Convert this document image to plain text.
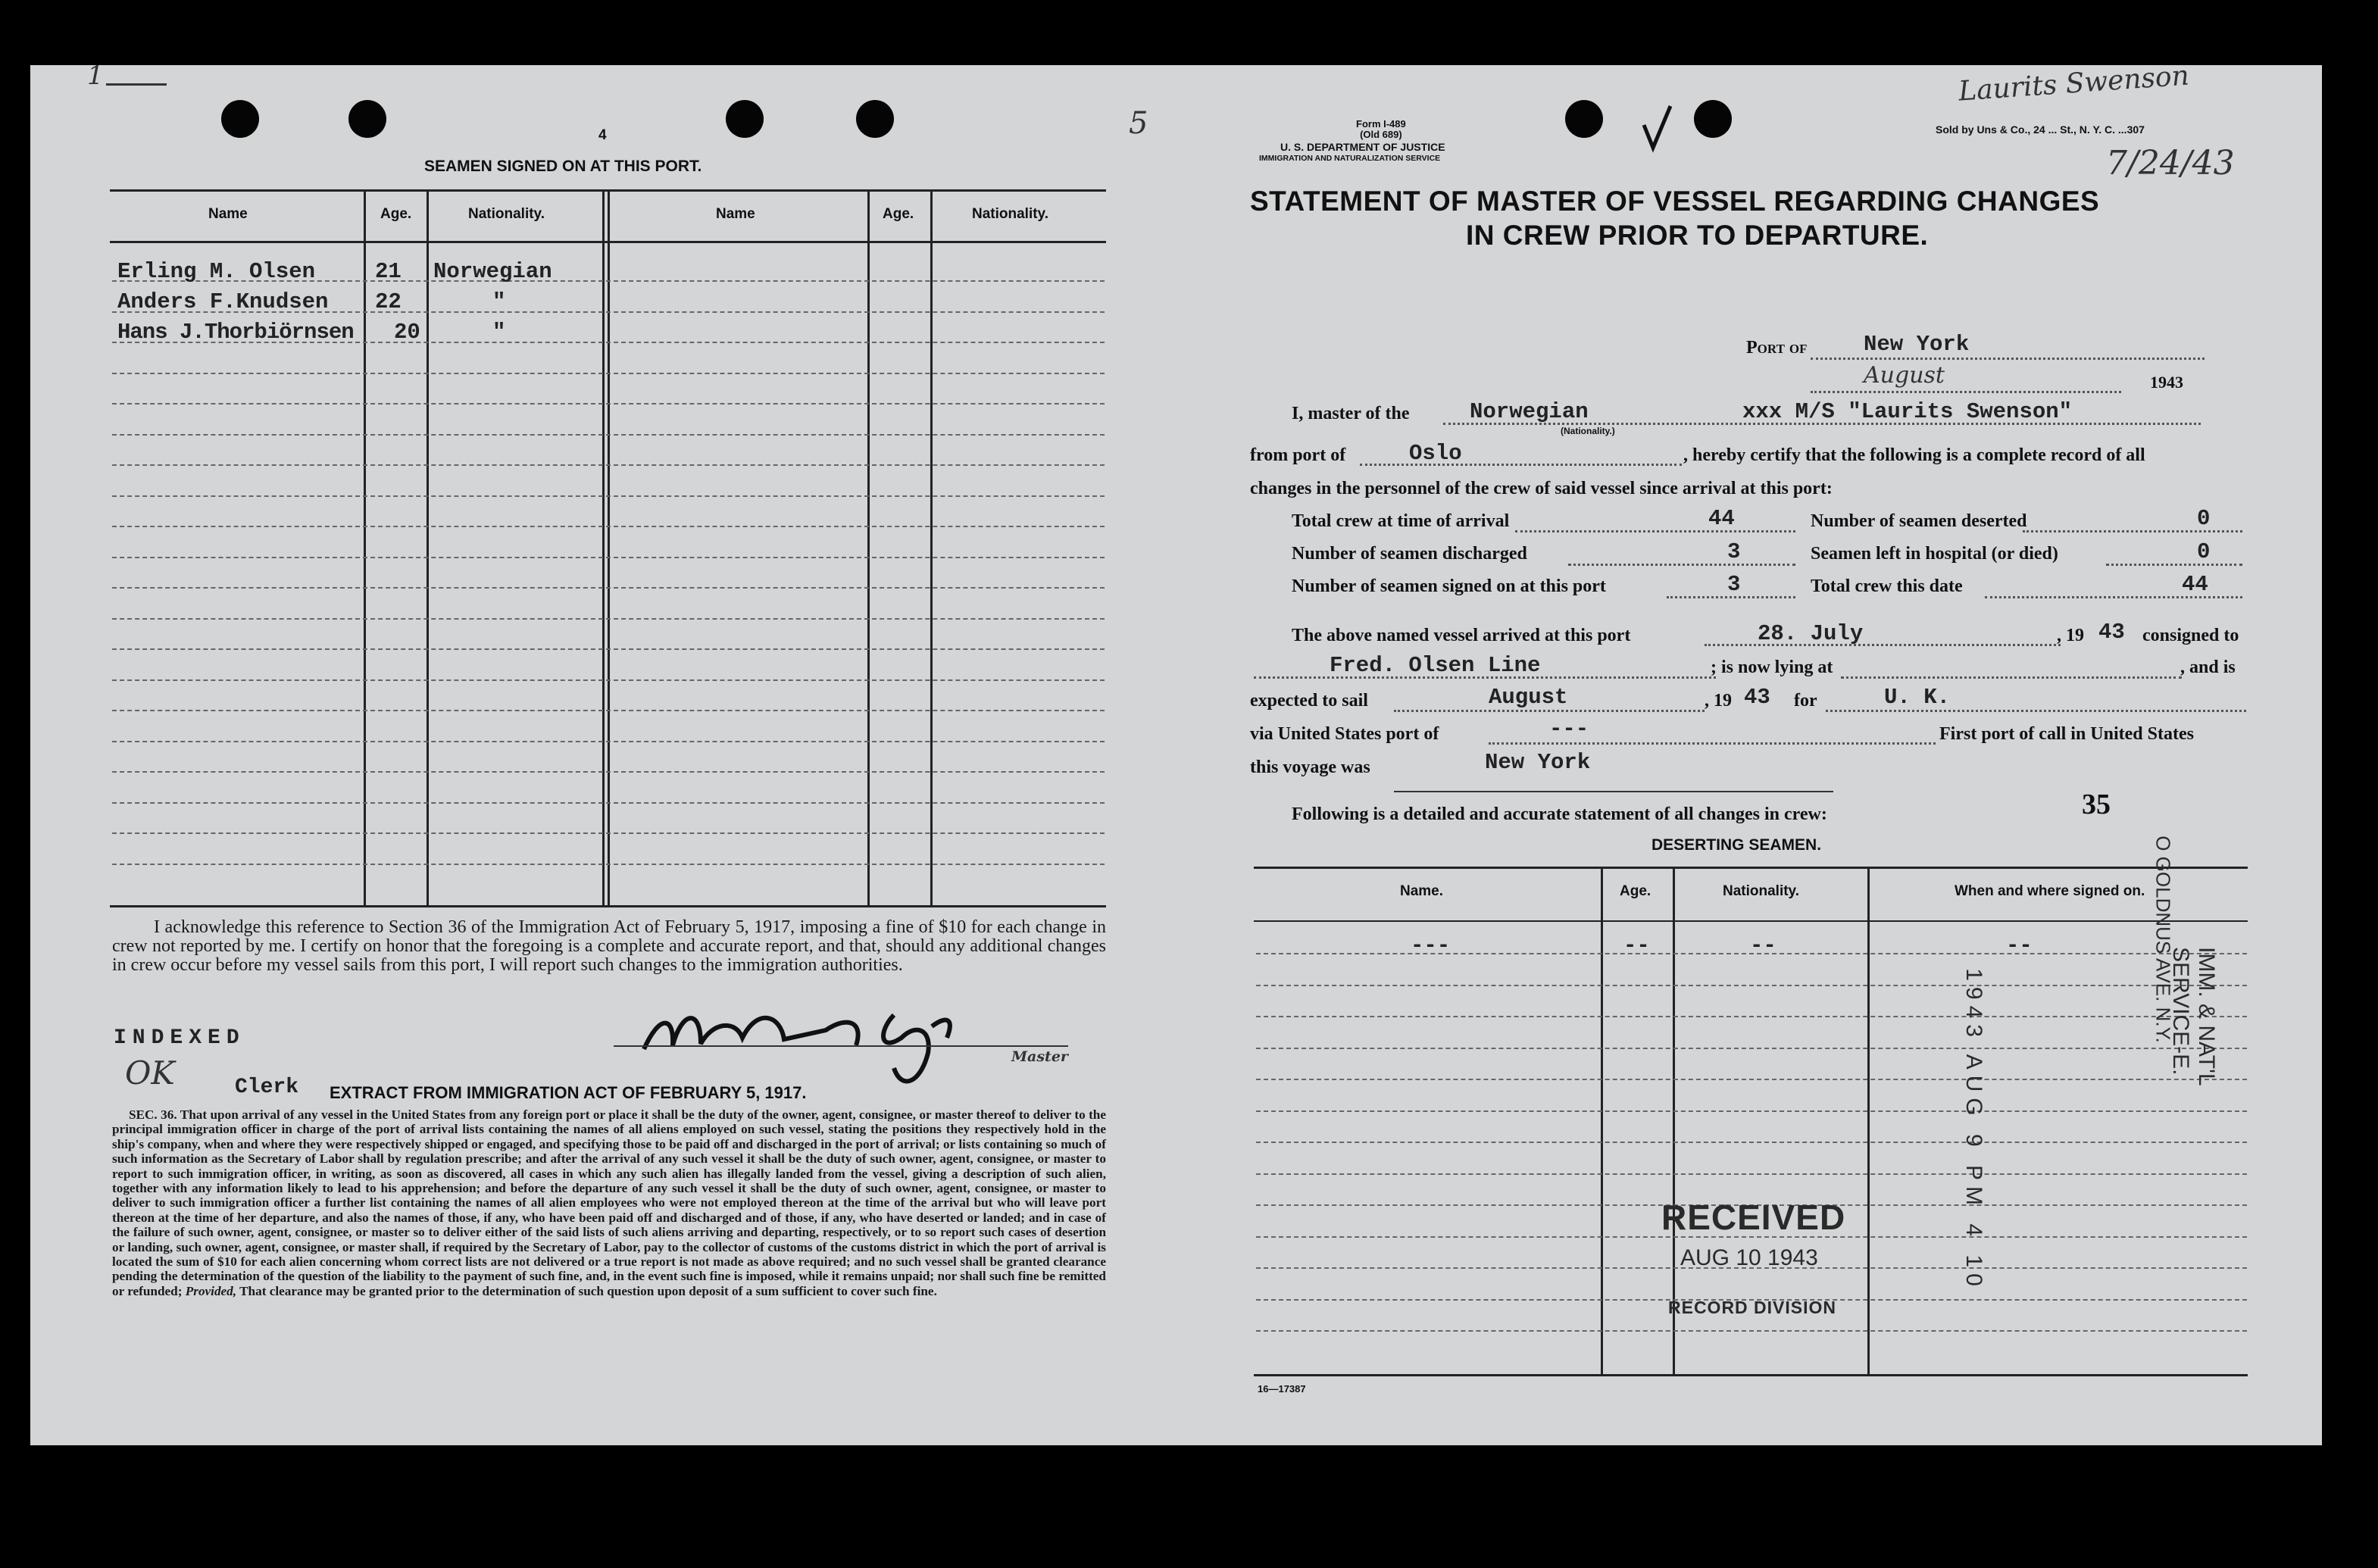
1
4
SEAMEN SIGNED ON AT THIS PORT.
Name	Age.	Nationality.	Name	Age.	Nationality.
Erling M. Olsen	21 Norwegian
Anders F.Knudsen 22	"
Hans J.Thorbiörnsen 20	"
I acknowledge this reference to Section 36 of the Immigration Act of February 5, 1917, imposing a fine of $10 for each change in crew not reported by me. I certify on honor that the foregoing is a complete and accurate report, and that, should any additional changes in crew occur before my vessel sails from this port, I will report such changes to the immigration authorities.
Master
INDEXED
OK	Clerk EXTRACT FROM IMMIGRATION ACT OF FEBRUARY 5, 1917.
SEC. 36. That upon arrival of any vessel in the United States from any foreign port or place it shall be the duty of the owner, agent, consignee, or master thereof to deliver to the principal immigration officer in charge of the port of arrival lists containing the names of all aliens employed on such vessel, stating the positions they respectively hold in the ship's company, when and where they were respectively shipped or engaged, and specifying those to be paid off and discharged in the port of arrival; or lists containing so much of such information as the Secretary of Labor shall by regulation prescribe; and after the arrival of any such vessel it shall be the duty of such owner, agent, consignee, or master to report to such immigration officer, in writing, as soon as discovered, all cases in which any such alien has illegally landed from the vessel, giving a description of such alien, together with any information likely to lead to his apprehension; and before the departure of any such vessel it shall be the duty of such owner, agent, consignee, or master to deliver to such immigration officer a further list containing the names of all alien employees who were not employed thereon at the time of the arrival but who will leave port thereon at the time of her departure, and also the names of those, if any, who have been paid off and discharged and of those, if any, who have deserted or landed; and in case of the failure of such owner, agent, consignee, or master so to deliver either of the said lists of such aliens arriving and departing, respectively, or to so report such cases of desertion or landing, such owner, agent, consignee, or master shall, if required by the Secretary of Labor, pay to the collector of customs of the customs district in which the port of arrival is located the sum of $10 for each alien concerning whom correct lists are not delivered or a true report is not made as above required; and no such vessel shall be granted clearance pending the determination of the question of the liability to the payment of such fine, and, in the event such fine is imposed, while it remains unpaid; nor shall such fine be remitted or refunded; Provided, That clearance may be granted prior to the determination of such question upon deposit of a sum sufficient to cover such fine.
5	Form I-489
(Old 689)
U. S. DEPARTMENT OF JUSTICE
IMMIGRATION AND NATURALIZATION SERVICE
Sold by Uns & Co., 24 ... St., N. Y. C. ...307
Laurits Swenson
7/24/43
STATEMENT OF MASTER OF VESSEL REGARDING CHANGES
IN CREW PRIOR TO DEPARTURE.
Port of	New York
August	1943
I, master of the	Norwegian
(Nationality.)
xxx M/S "Laurits Swenson"
from port of	Oslo	, hereby certify that the following is a complete record of all
changes in the personnel of the crew of said vessel since arrival at this port:
Total crew at time of arrival	44	Number of seamen deserted	0
Number of seamen discharged	3	Seamen left in hospital (or died)	0
Number of seamen signed on at this port	3	Total crew this date	44
The above named vessel arrived at this port	28. July	, 19 43 consigned to
Fred. Olsen Line	; is now lying at	, and is
expected to sail	August	, 19 43 for	U. K.
via United States port of	---	First port of call in United States
this voyage was	New York
Following is a detailed and accurate statement of all changes in crew:	35
DESERTING SEAMEN.
Name.	Age.	Nationality.	When and where signed on.
---	--	--	--
RECEIVED
AUG 10 1943
RECORD DIVISION
IMM. & NAT'L SERVICE-E.
O GOLDNUS AVE. N.Y.
1943 AUG 9 PM 4 10
16—17387
